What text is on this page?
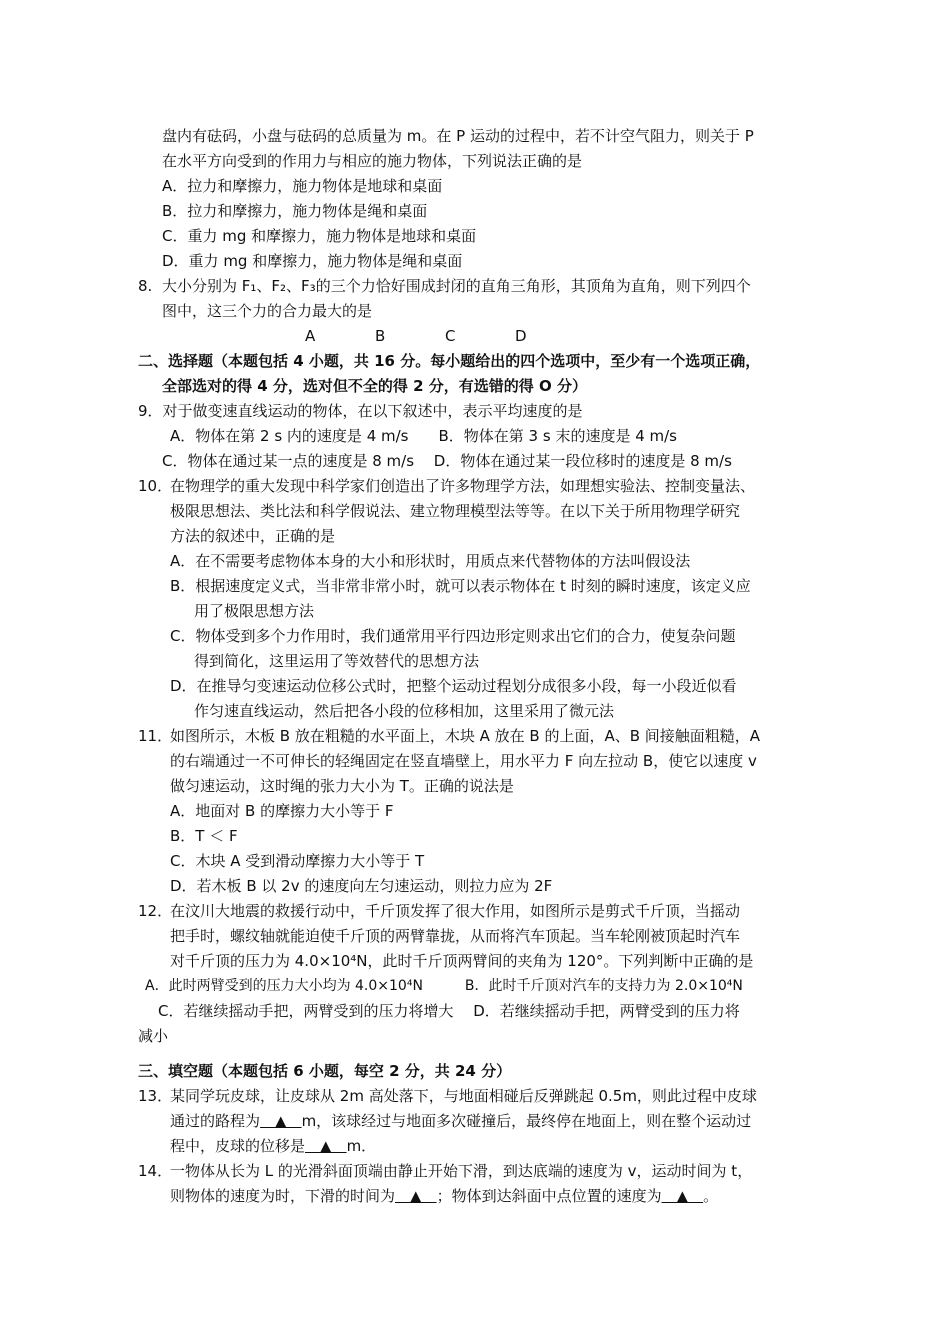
盘内有砝码，小盘与砝码的总质量为 m。在 P 运动的过程中，若不计空气阻力，则关于 P
在水平方向受到的作用力与相应的施力物体，下列说法正确的是
A．拉力和摩擦力，施力物体是地球和桌面
B．拉力和摩擦力，施力物体是绳和桌面
C．重力 mg 和摩擦力，施力物体是地球和桌面
D．重力 mg 和摩擦力，施力物体是绳和桌面
8. 大小分别为 F₁、F₂、F₃的三个力恰好围成封闭的直角三角形，其顶角为直角，则下列四个
图中，这三个力的合力最大的是
A	B	C	D
二、选择题（本题包括 4 小题，共 16 分。每小题给出的四个选项中，至少有一个选项正确，
全部选对的得 4 分，选对但不全的得 2 分，有选错的得 O 分）
9．对于做变速直线运动的物体，在以下叙述中，表示平均速度的是
A．物体在第 2 s 内的速度是 4 m/s　　B．物体在第 3 s 末的速度是 4 m/s
C．物体在通过某一点的速度是 8 m/s　 D．物体在通过某一段位移时的速度是 8 m/s
10．
在物理学的重大发现中科学家们创造出了许多物理学方法，如理想实验法、控制变量法、
极限思想法、类比法和科学假说法、建立物理模型法等等。在以下关于所用物理学研究
方法的叙述中，正确的是
A．在不需要考虑物体本身的大小和形状时，用质点来代替物体的方法叫假设法
B．根据速度定义式，当非常非常小时，就可以表示物体在 t 时刻的瞬时速度，该定义应
用了极限思想方法
C．物体受到多个力作用时，我们通常用平行四边形定则求出它们的合力，使复杂问题
得到简化，这里运用了等效替代的思想方法
D．在推导匀变速运动位移公式时，把整个运动过程划分成很多小段，每一小段近似看
作匀速直线运动，然后把各小段的位移相加，这里采用了微元法
11．
如图所示，木板 B 放在粗糙的水平面上，木块 A 放在 B 的上面，A、B 间接触面粗糙，A
的右端通过一不可伸长的轻绳固定在竖直墙壁上，用水平力 F 向左拉动 B，使它以速度 v
做匀速运动，这时绳的张力大小为 T。正确的说法是
A．地面对 B 的摩擦力大小等于 F
B．T ＜ F
C．木块 A 受到滑动摩擦力大小等于 T
D．若木板 B 以 2v 的速度向左匀速运动，则拉力应为 2F
12．
在汶川大地震的救援行动中，千斤顶发挥了很大作用，如图所示是剪式千斤顶，当摇动
把手时，螺纹轴就能迫使千斤顶的两臂靠拢，从而将汽车顶起。当车轮刚被顶起时汽车
对千斤顶的压力为 4.0×10⁴N，此时千斤顶两臂间的夹角为 120°。下列判断中正确的是
A．此时两臂受到的压力大小均为 4.0×10⁴N　　　B．此时千斤顶对汽车的支持力为 2.0×10⁴N
C．若继续摇动手把，两臂受到的压力将增大　 D．若继续摇动手把，两臂受到的压力将
减小
三、填空题（本题包括 6 小题，每空 2 分，共 24 分）
13．
某同学玩皮球，让皮球从 2m 高处落下，与地面相碰后反弹跳起 0.5m，则此过程中皮球
通过的路程为　▲　m，该球经过与地面多次碰撞后，最终停在地面上，则在整个运动过
程中，皮球的位移是　▲　m．
14．
一物体从长为 L 的光滑斜面顶端由静止开始下滑，到达底端的速度为 v，运动时间为 t，
则物体的速度为时，下滑的时间为　▲　；物体到达斜面中点位置的速度为　▲　。
